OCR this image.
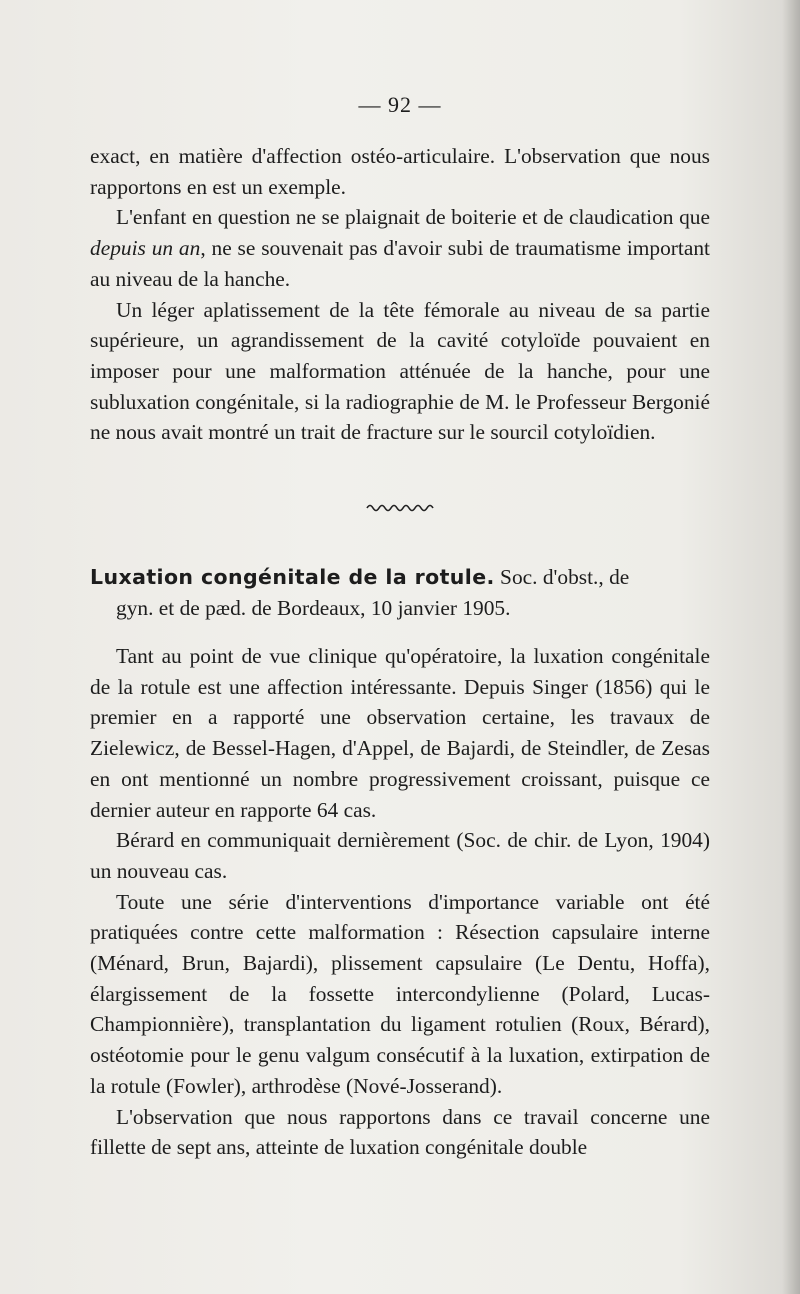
— 92 —

exact, en matière d'affection ostéo-articulaire. L'observation que nous rapportons en est un exemple.

L'enfant en question ne se plaignait de boiterie et de claudication que depuis un an, ne se souvenait pas d'avoir subi de traumatisme important au niveau de la hanche.

Un léger aplatissement de la tête fémorale au niveau de sa partie supérieure, un agrandissement de la cavité cotyloïde pouvaient en imposer pour une malformation atténuée de la hanche, pour une subluxation congénitale, si la radiographie de M. le Professeur Bergonié ne nous avait montré un trait de fracture sur le sourcil cotyloïdien.

Luxation congénitale de la rotule. Soc. d'obst., de
gyn. et de pæd. de Bordeaux, 10 janvier 1905.

Tant au point de vue clinique qu'opératoire, la luxation congénitale de la rotule est une affection intéressante. Depuis Singer (1856) qui le premier en a rapporté une observation certaine, les travaux de Zielewicz, de Bessel-Hagen, d'Appel, de Bajardi, de Steindler, de Zesas en ont mentionné un nombre progressivement croissant, puisque ce dernier auteur en rapporte 64 cas.

Bérard en communiquait dernièrement (Soc. de chir. de Lyon, 1904) un nouveau cas.

Toute une série d'interventions d'importance variable ont été pratiquées contre cette malformation : Résection capsulaire interne (Ménard, Brun, Bajardi), plissement capsulaire (Le Dentu, Hoffa), élargissement de la fossette intercondylienne (Polard, Lucas-Championnière), transplantation du ligament rotulien (Roux, Bérard), ostéotomie pour le genu valgum consécutif à la luxation, extirpation de la rotule (Fowler), arthrodèse (Nové-Josserand).

L'observation que nous rapportons dans ce travail concerne une fillette de sept ans, atteinte de luxation congénitale double
